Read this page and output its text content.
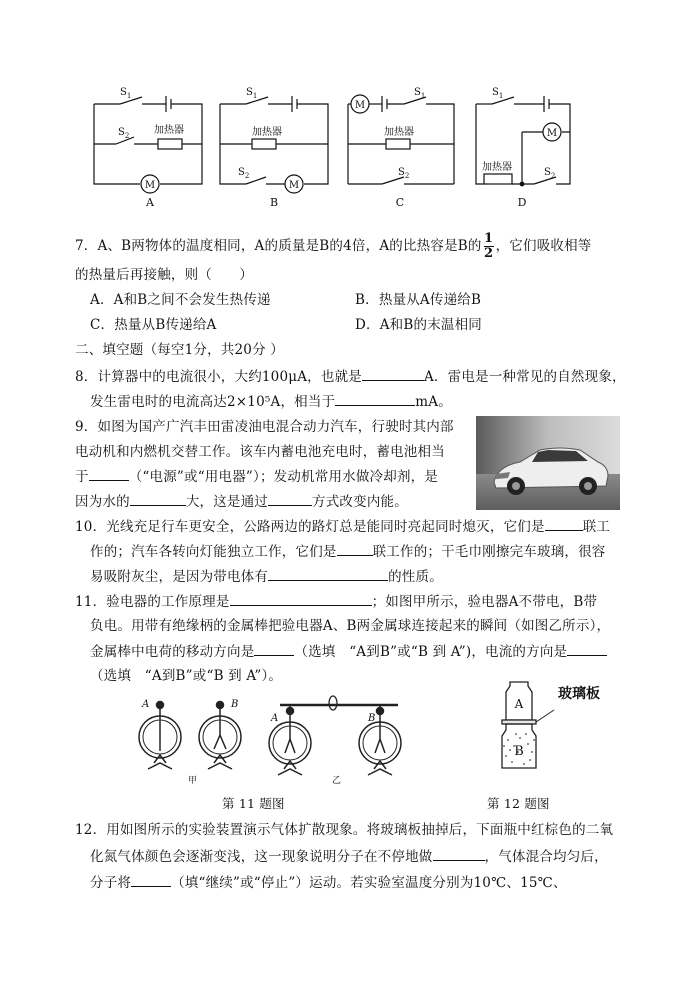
$S_1$
$S_2$ 加热器
M
$S_1$
加热器
$S_2$
M
M
$S_1$
加热器
$S_2$
$S_1$
M
加热器	$S_2$
A	B	C	D
7．A、B两物体的温度相同，A的质量是B的4倍，A的比热容是B的 $\frac{1}{2}$ ，它们吸收相等
的热量后再接触，则（　　）
A．A和B之间不会发生热传递	B．热量从A传递给B
C．热量从B传递给A	D．A和B的末温相同
二、填空题（每空1分，共20分 ）
8．计算器中的电流很小，大约100μA，也就是	A．雷电是一种常见的自然现象，
发生雷电时的电流高达2×10⁵A，相当于	mA。
9．如图为国产广汽丰田雷凌油电混合动力汽车，行驶时其内部
电动机和内燃机交替工作。该车内蓄电池充电时，蓄电池相当
于	（“电源”或“用电器”）；发动机常用水做冷却剂，是
因为水的	大，这是通过	方式改变内能。
10．光线充足行车更安全，公路两边的路灯总是能同时亮起同时熄灭，它们是	联工
作的；汽车各转向灯能独立工作，它们是	联工作的；干毛巾刚擦完车玻璃，很容
易吸附灰尘，是因为带电体有	的性质。
11．验电器的工作原理是	；如图甲所示，验电器A不带电，B带
负电。用带有绝缘柄的金属棒把验电器A、B两金属球连接起来的瞬间（如图乙所示），
金属棒中电荷的移动方向是	（选填　“A到B”或“B 到 A”)，电流的方向是
（选填　“A到B”或“B 到 A”）。
A	B
A	B
甲	乙
A
B
玻璃板
第 11 题图	第 12 题图
12．用如图所示的实验装置演示气体扩散现象。将玻璃板抽掉后，下面瓶中红棕色的二氧
化氮气体颜色会逐渐变浅，这一现象说明分子在不停地做	，气体混合均匀后，
分子将	（填“继续”或“停止”）运动。若实验室温度分别为10℃、15℃、
